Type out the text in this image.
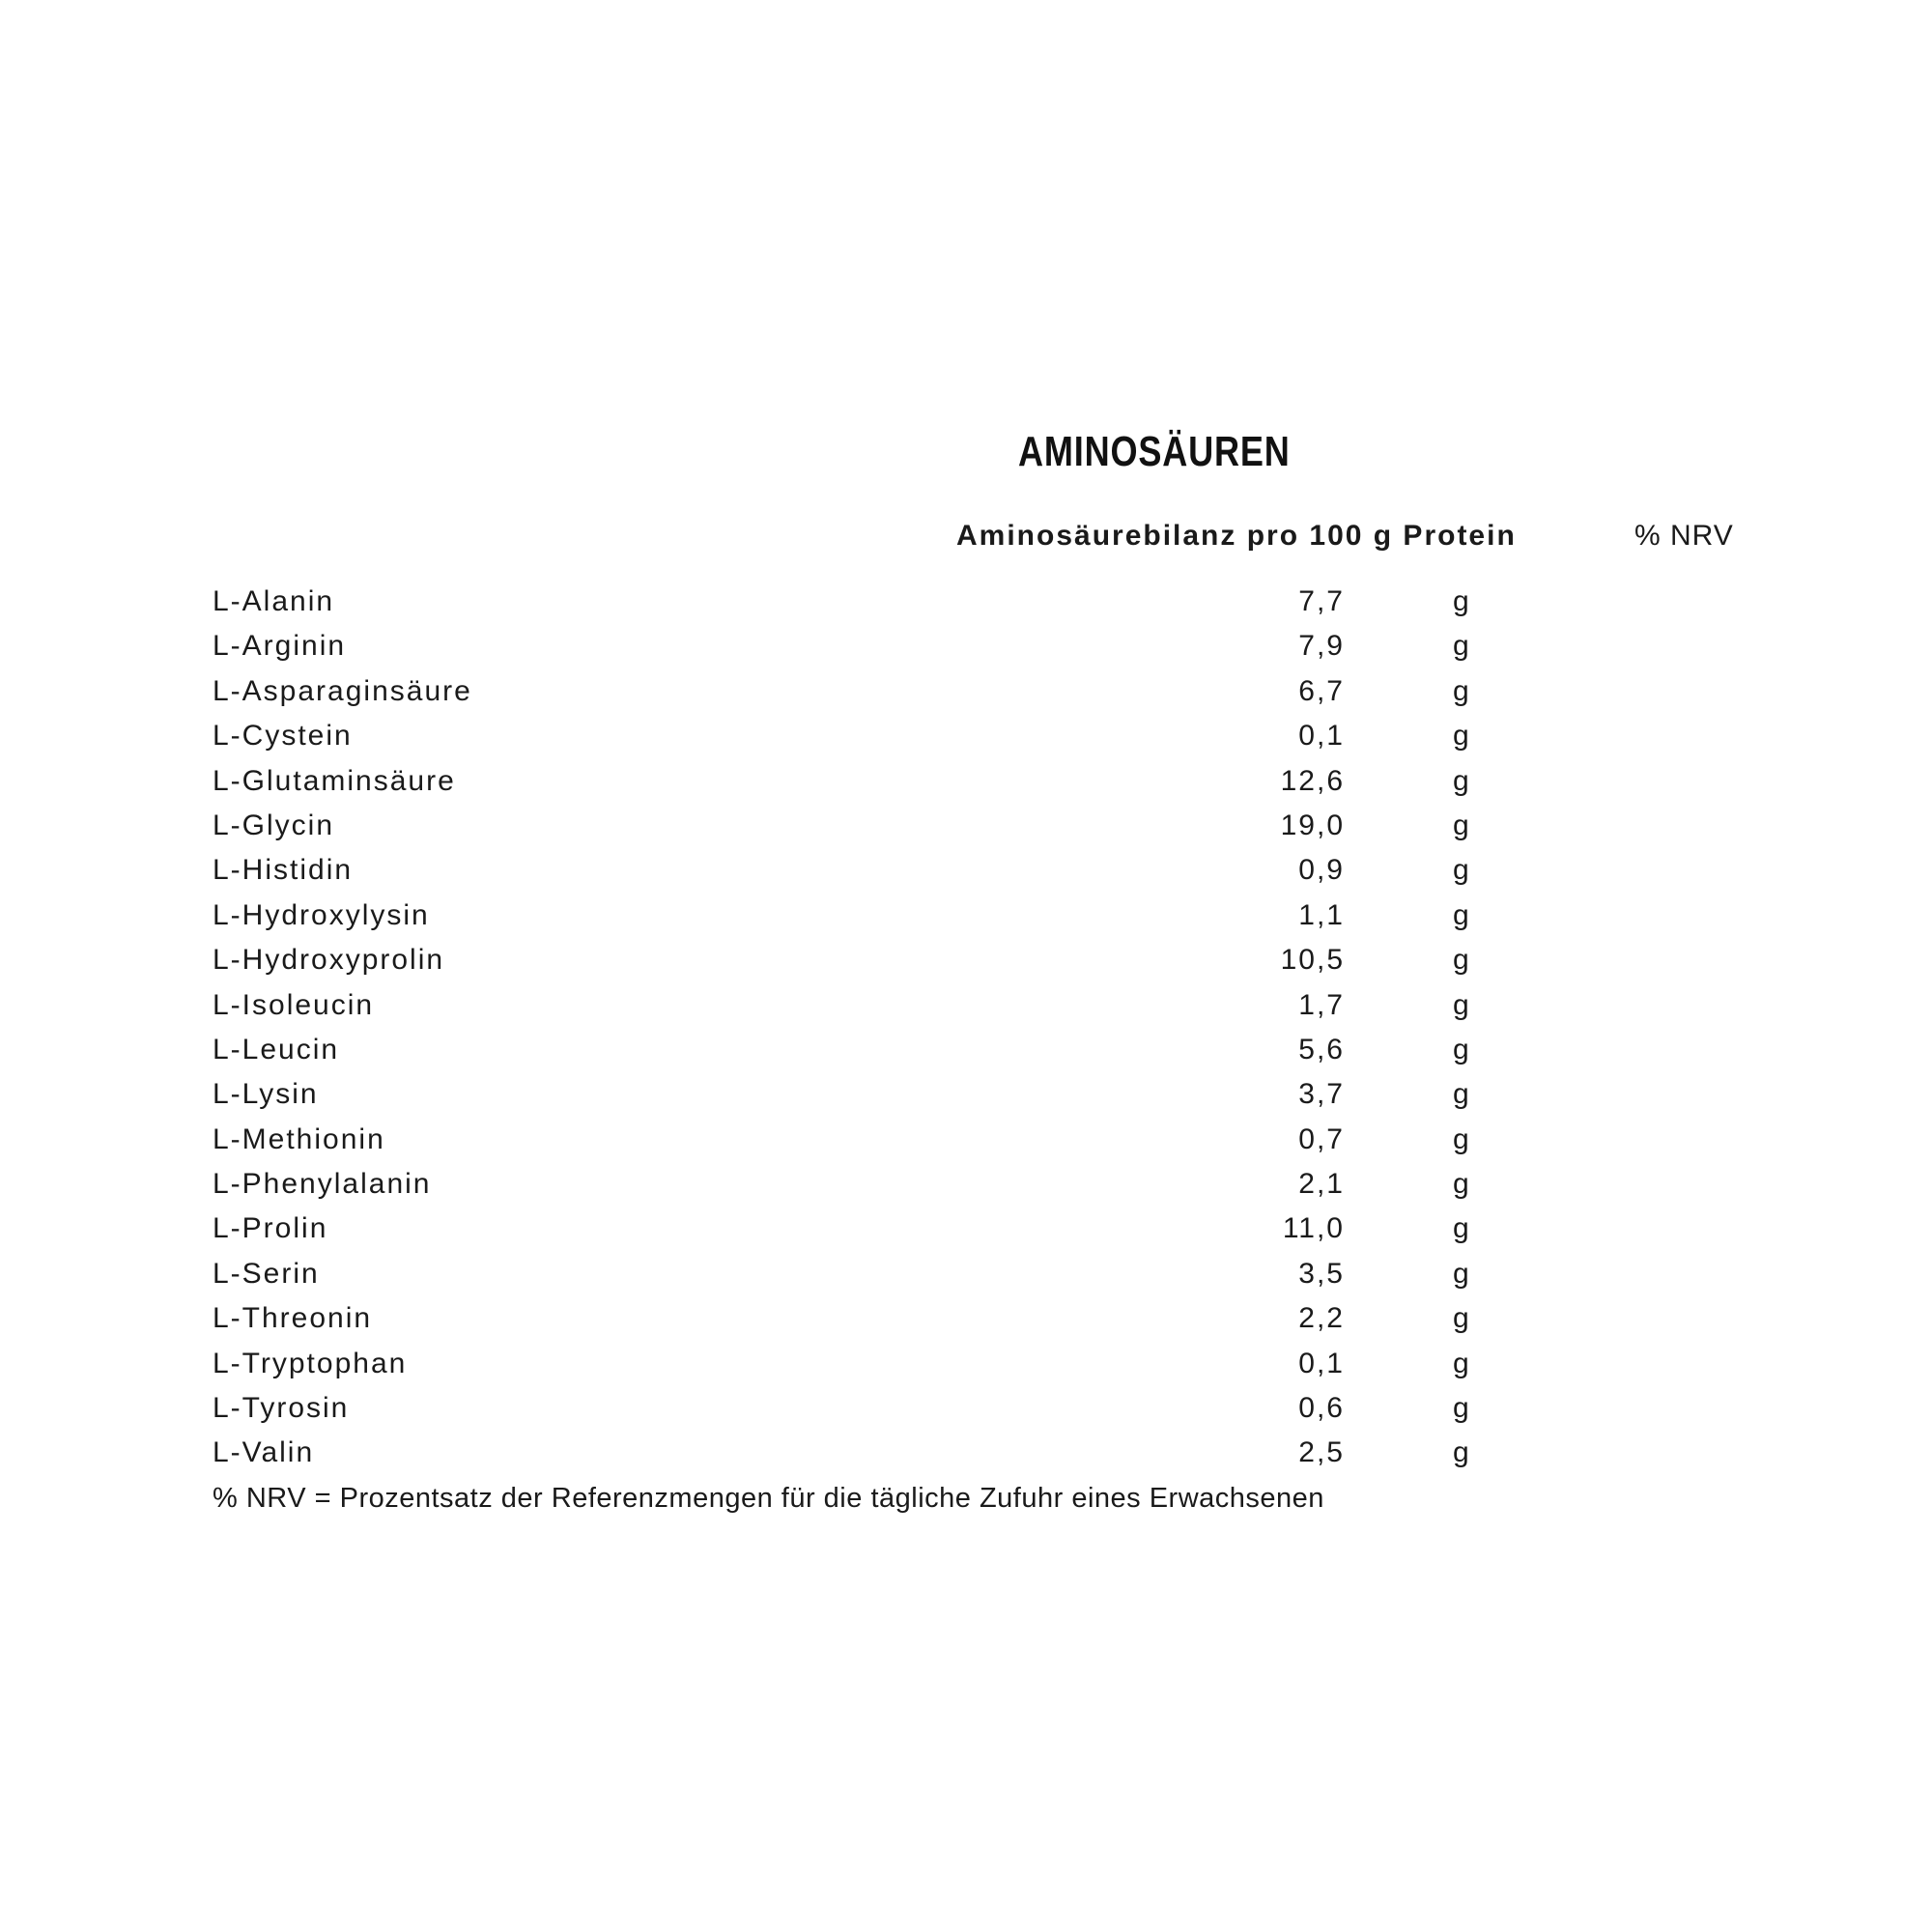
AMINOSÄUREN
Aminosäurebilanz pro 100 g Protein	% NRV
L-Alanin	7,7	g
L-Arginin	7,9	g
L-Asparaginsäure	6,7	g
L-Cystein	0,1	g
L-Glutaminsäure	12,6	g
L-Glycin	19,0	g
L-Histidin	0,9	g
L-Hydroxylysin	1,1	g
L-Hydroxyprolin	10,5	g
L-Isoleucin	1,7	g
L-Leucin	5,6	g
L-Lysin	3,7	g
L-Methionin	0,7	g
L-Phenylalanin	2,1	g
L-Prolin	11,0	g
L-Serin	3,5	g
L-Threonin	2,2	g
L-Tryptophan	0,1	g
L-Tyrosin	0,6	g
L-Valin	2,5	g
% NRV = Prozentsatz der Referenzmengen für die tägliche Zufuhr eines Erwachsenen
